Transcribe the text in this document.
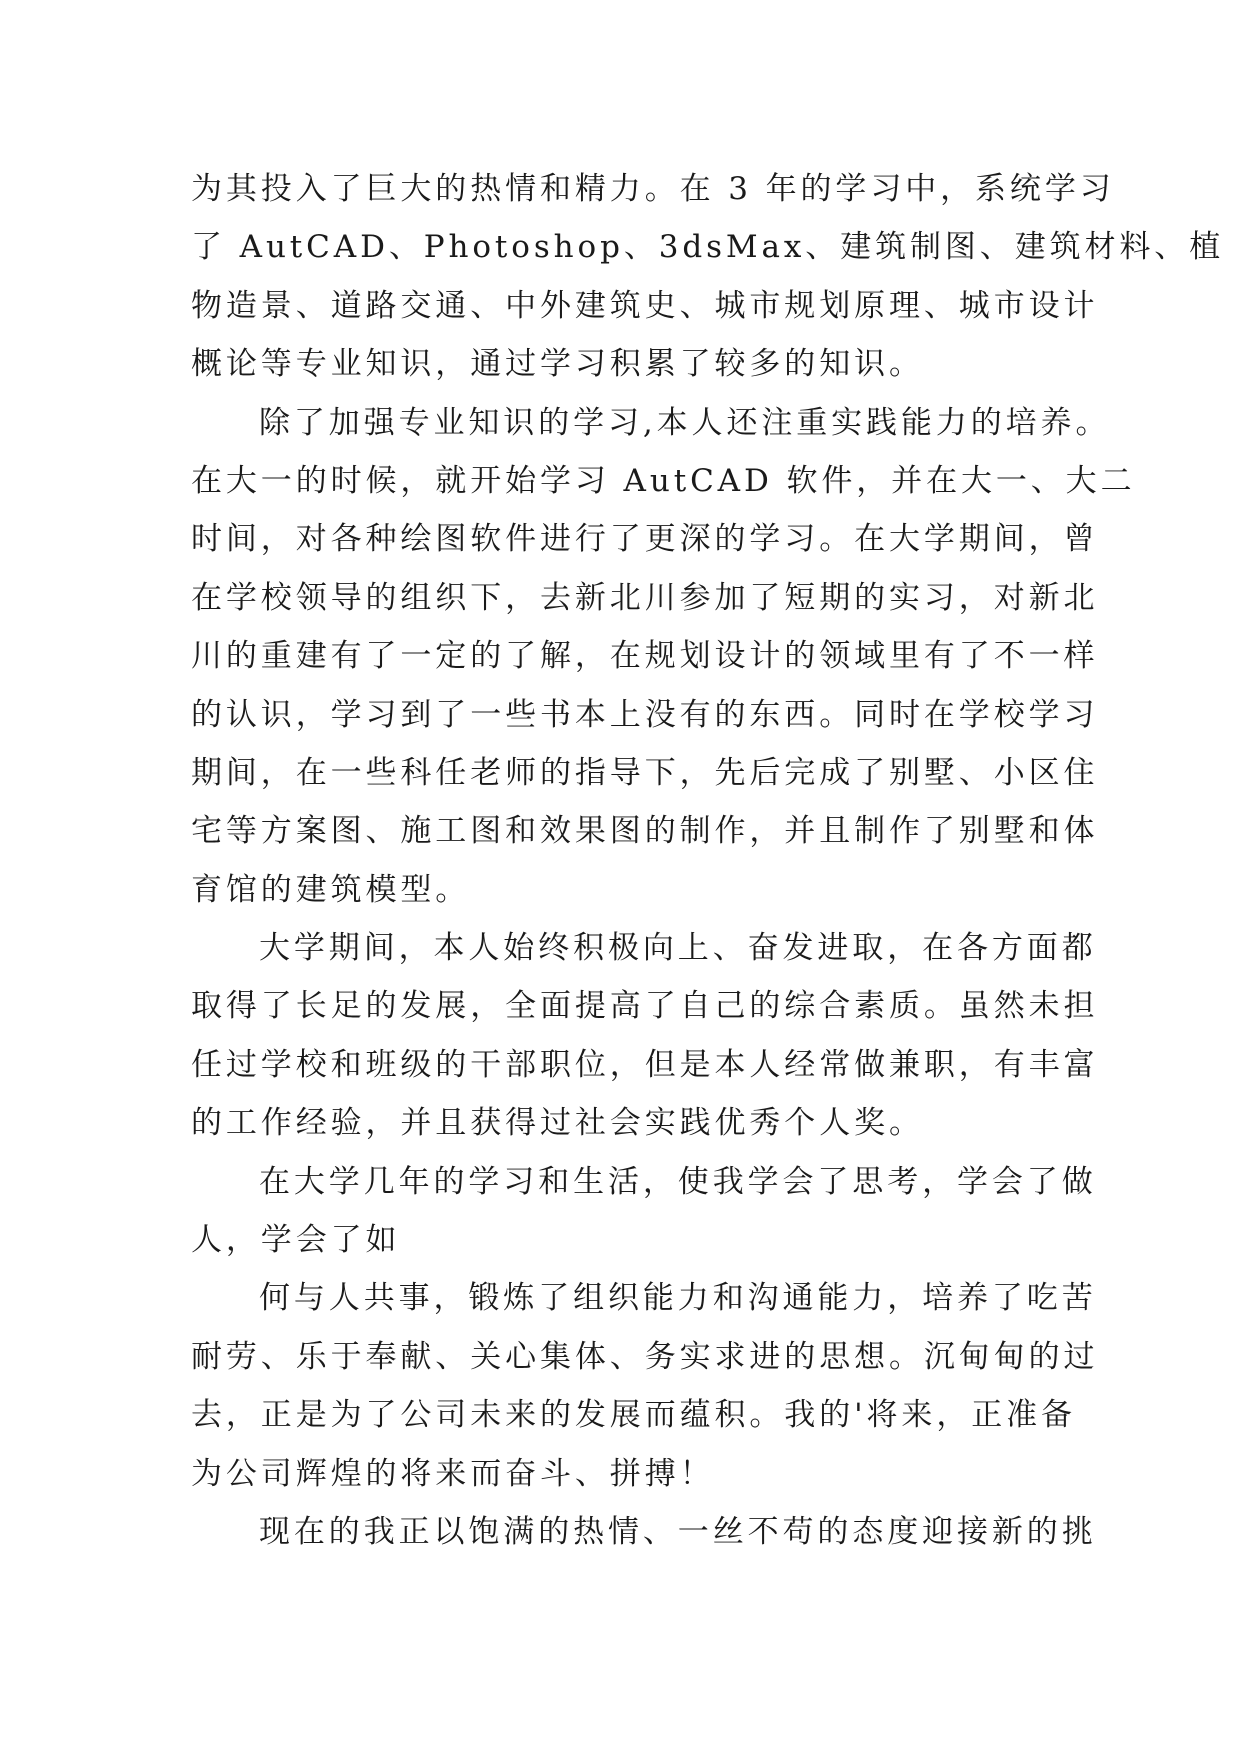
为其投入了巨大的热情和精力。在 3 年的学习中，系统学习
了 AutCAD、Photoshop、3dsMax、建筑制图、建筑材料、植
物造景、道路交通、中外建筑史、城市规划原理、城市设计
概论等专业知识，通过学习积累了较多的知识。
除了加强专业知识的学习,本人还注重实践能力的培养。
在大一的时候，就开始学习 AutCAD 软件，并在大一、大二
时间，对各种绘图软件进行了更深的学习。在大学期间，曾
在学校领导的组织下，去新北川参加了短期的实习，对新北
川的重建有了一定的了解，在规划设计的领域里有了不一样
的认识，学习到了一些书本上没有的东西。同时在学校学习
期间，在一些科任老师的指导下，先后完成了别墅、小区住
宅等方案图、施工图和效果图的制作，并且制作了别墅和体
育馆的建筑模型。
大学期间，本人始终积极向上、奋发进取，在各方面都
取得了长足的发展，全面提高了自己的综合素质。虽然未担
任过学校和班级的干部职位，但是本人经常做兼职，有丰富
的工作经验，并且获得过社会实践优秀个人奖。
在大学几年的学习和生活，使我学会了思考，学会了做
人，学会了如
何与人共事，锻炼了组织能力和沟通能力，培养了吃苦
耐劳、乐于奉献、关心集体、务实求进的思想。沉甸甸的过
去，正是为了公司未来的发展而蕴积。我的'将来，正准备
为公司辉煌的将来而奋斗、拼搏！
现在的我正以饱满的热情、一丝不苟的态度迎接新的挑
